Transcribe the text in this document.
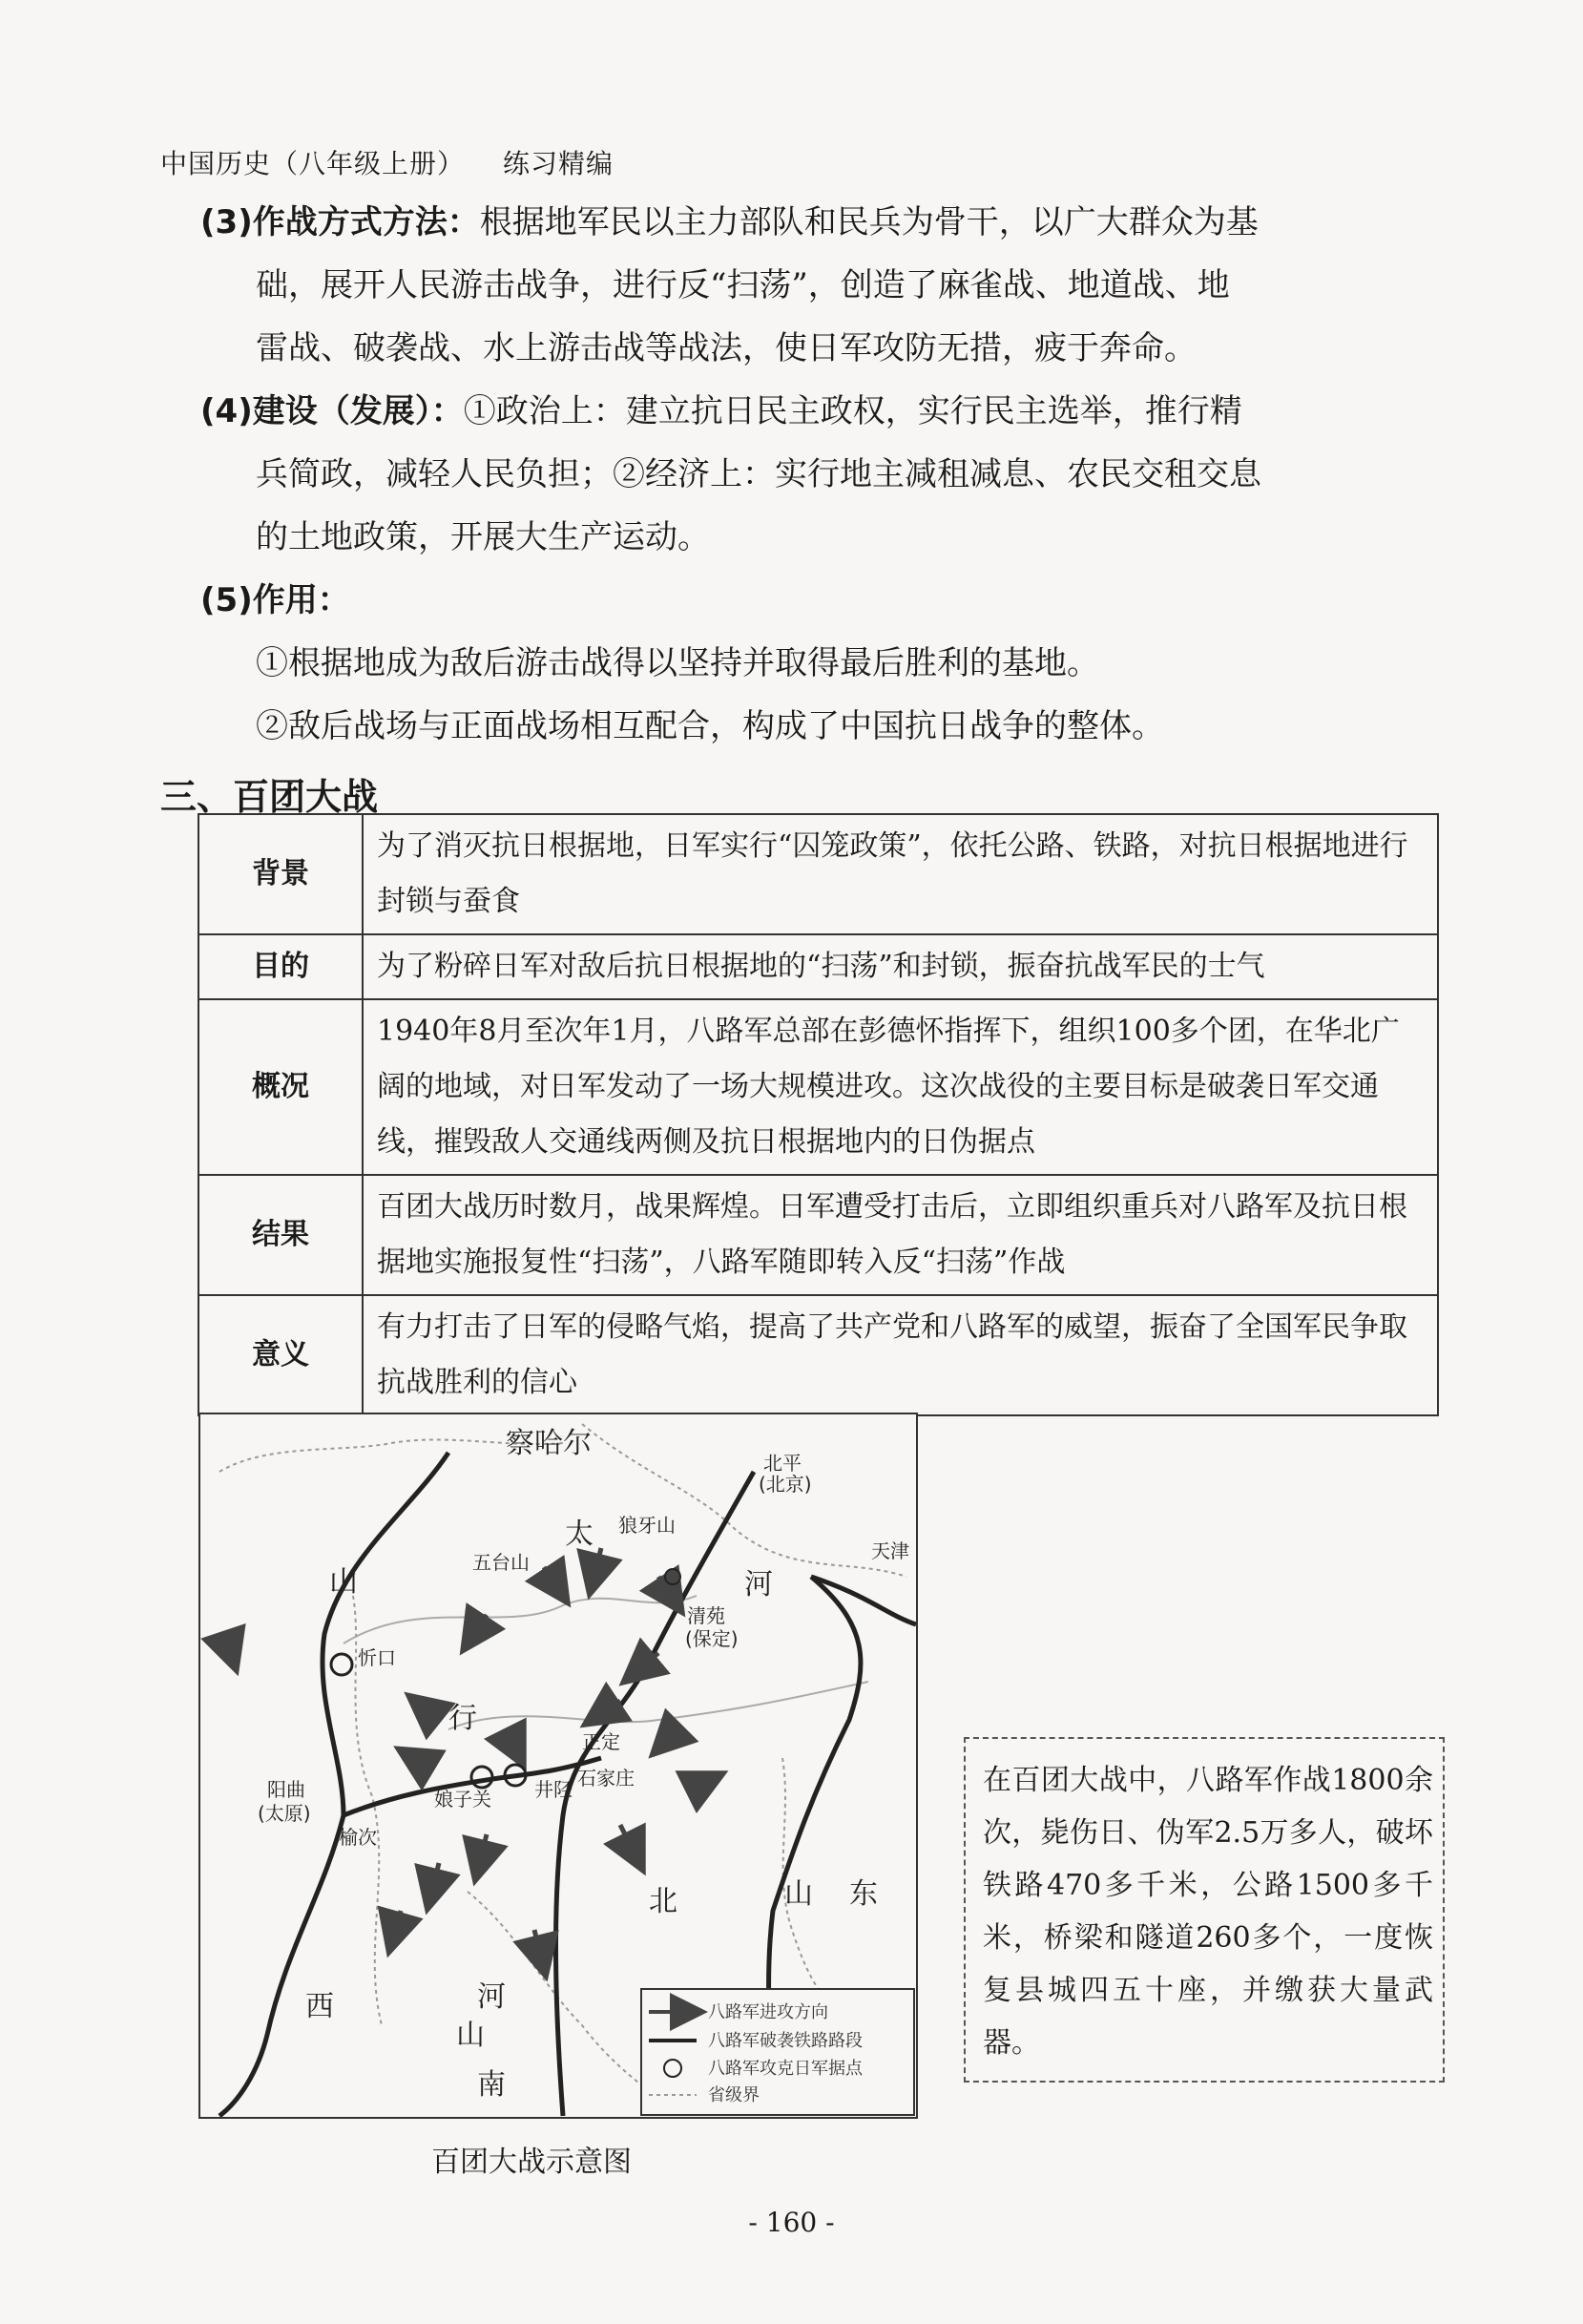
中国历史（八年级上册） 练习精编
(3)作战方式方法：根据地军民以主力部队和民兵为骨干，以广大群众为基
础，展开人民游击战争，进行反“扫荡”，创造了麻雀战、地道战、地
雷战、破袭战、水上游击战等战法，使日军攻防无措，疲于奔命。
(4)建设（发展）：①政治上：建立抗日民主政权，实行民主选举，推行精
兵简政，减轻人民负担；②经济上：实行地主减租减息、农民交租交息
的土地政策，开展大生产运动。
(5)作用：
①根据地成为敌后游击战得以坚持并取得最后胜利的基地。
②敌后战场与正面战场相互配合，构成了中国抗日战争的整体。
三、百团大战
背景	为了消灭抗日根据地，日军实行“囚笼政策”，依托公路、铁路，对抗日根据地进行封锁与蚕食
目的	为了粉碎日军对敌后抗日根据地的“扫荡”和封锁，振奋抗战军民的士气
概况	1940年8月至次年1月，八路军总部在彭德怀指挥下，组织100多个团，在华北广阔的地域，对日军发动了一场大规模进攻。这次战役的主要目标是破袭日军交通线，摧毁敌人交通线两侧及抗日根据地内的日伪据点
结果	百团大战历时数月，战果辉煌。日军遭受打击后，立即组织重兵对八路军及抗日根据地实施报复性“扫荡”，八路军随即转入反“扫荡”作战
意义	有力打击了日军的侵略气焰，提高了共产党和八路军的威望，振奋了全国军民争取抗战胜利的信心
八路军进攻方向
八路军破袭铁路路段
八路军攻克日军据点
省级界
察哈尔
太
行
山
西
河
北
河
南
山
山 东
北平
(北京)
天津
清苑
(保定)
忻口
阳曲
(太原)
榆次
娘子关 井陉 石家庄
正定
五台山
狼牙山
百团大战示意图
在百团大战中，八路军作战1800余次，毙伤日、伪军2.5万多人，破坏铁路470多千米，公路1500多千米，桥梁和隧道260多个，一度恢复县城四五十座，并缴获大量武器。
- 160 -
